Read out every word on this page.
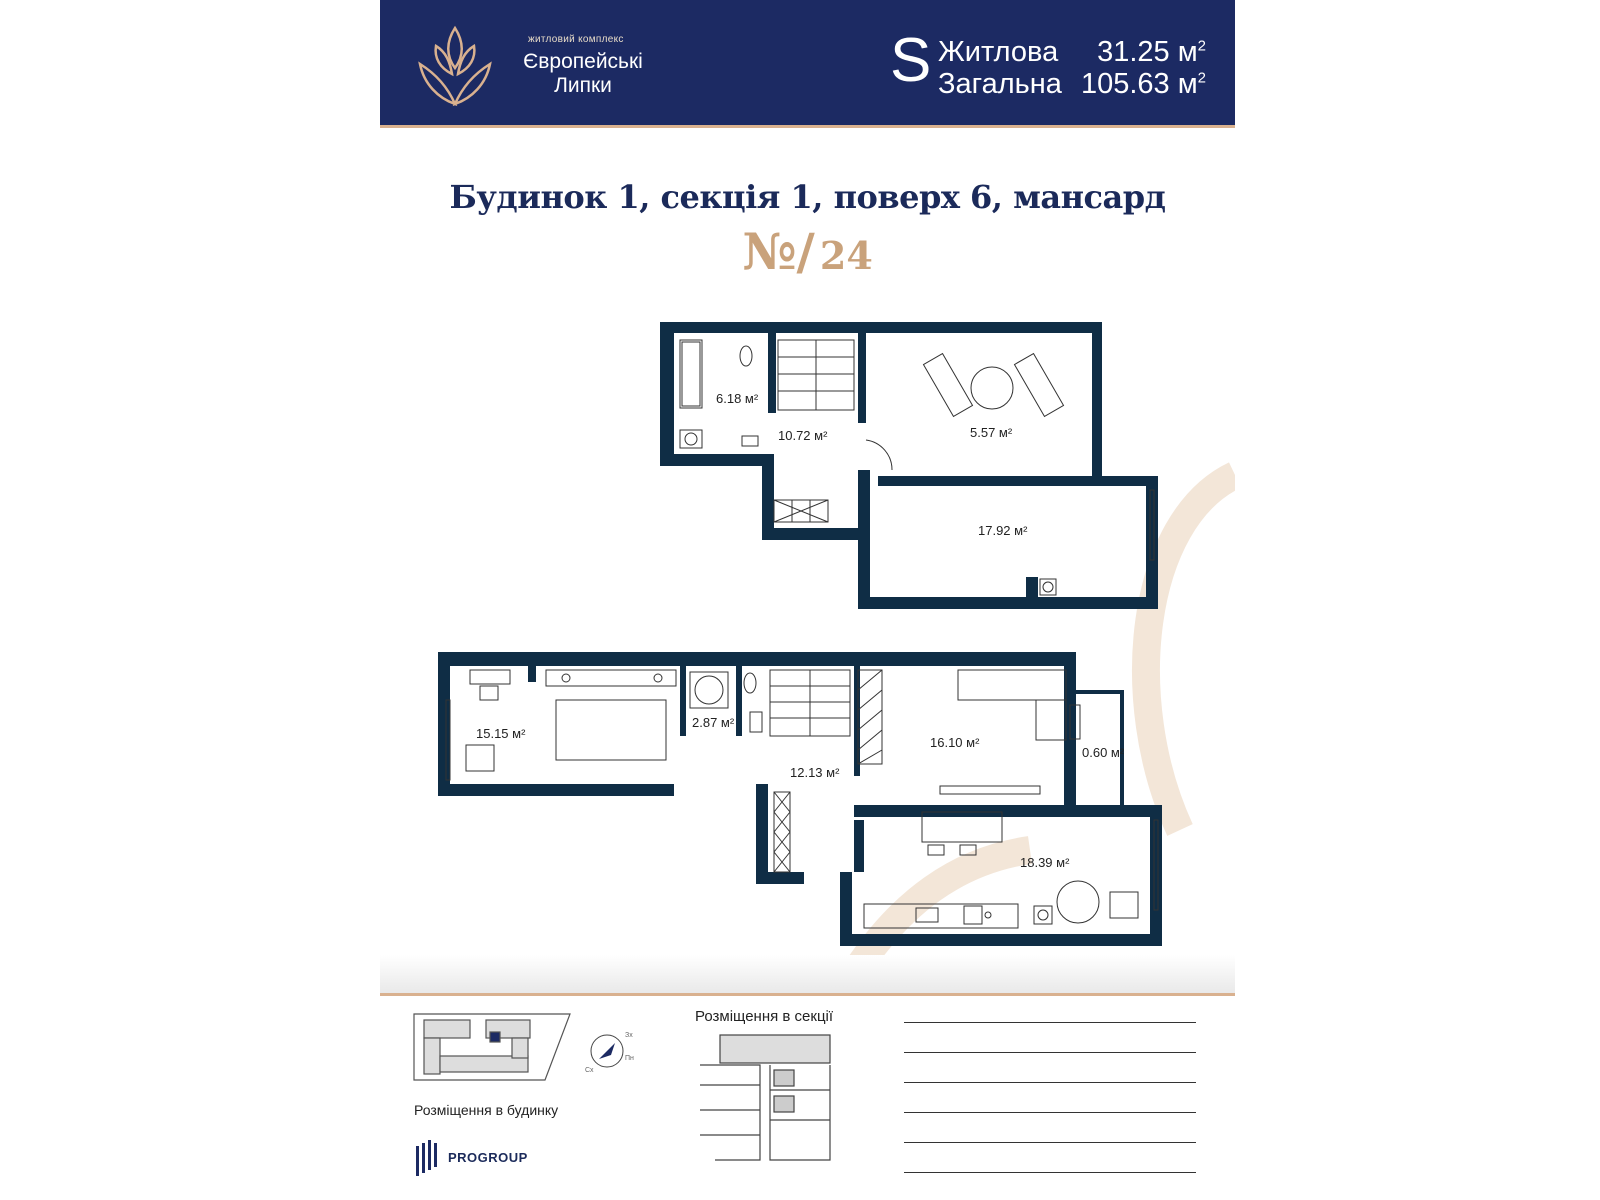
житловий комплекс
Європейські
Липки	S Житлова 31.25 $м^2$
Загальна 105.63 $м^2$
Будинок 1, секція 1, поверх 6, мансард
№/ 24
6.18 м²
10.72 м²	5.57 м²
17.92 м²
15.15 м²
2.87 м²
12.13 м²
16.10 м²
0.60 м²
18.39 м²
Зх
Пн
Сх
Розміщення в будинку
PROGROUP
Розміщення в секції
